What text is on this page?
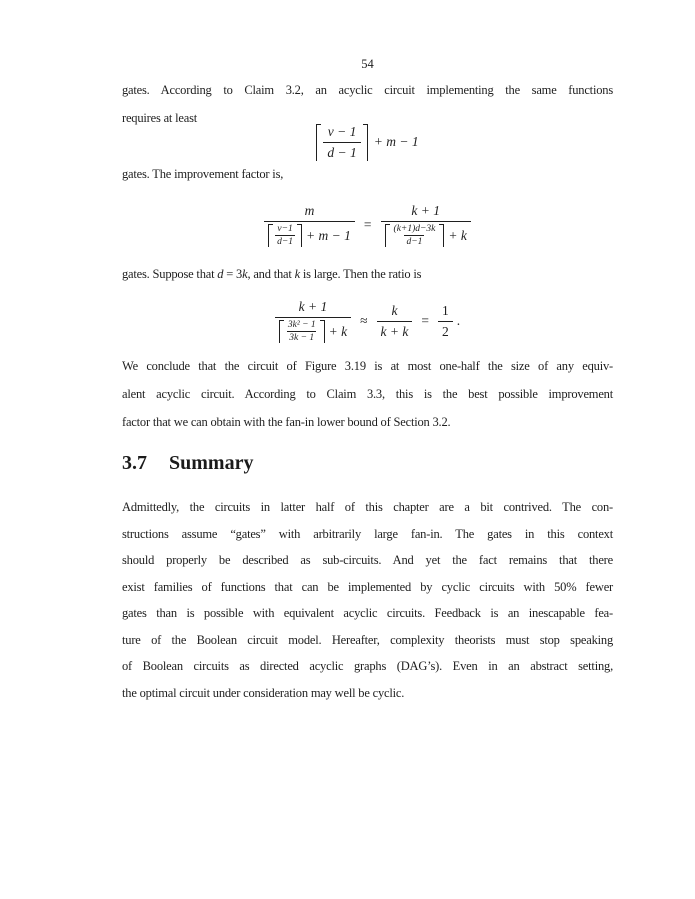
54
gates. According to Claim 3.2, an acyclic circuit implementing the same functions
requires at least
$\frac{v - 1}{d - 1} + m - 1$
gates. The improvement factor is,
$\frac{m}{\frac{v-1}{d-1} + m - 1} = \frac{k + 1}{\frac{(k+1)d-3k}{d-1} + k}$
gates. Suppose that d = 3k, and that k is large. Then the ratio is
$\frac{k + 1}{\frac{\text{3k² − 1}}{3k - 1} + k} \approx \frac{k}{k + k} = \frac{1}{2}$ .
We conclude that the circuit of Figure 3.19 is at most one-half the size of any equiv-
alent acyclic circuit. According to Claim 3.3, this is the best possible improvement
factor that we can obtain with the fan-in lower bound of Section 3.2.
3.7 Summary
Admittedly, the circuits in latter half of this chapter are a bit contrived. The con-
structions assume “gates” with arbitrarily large fan-in. The gates in this context
should properly be described as sub-circuits. And yet the fact remains that there
exist families of functions that can be implemented by cyclic circuits with 50% fewer
gates than is possible with equivalent acyclic circuits. Feedback is an inescapable fea-
ture of the Boolean circuit model. Hereafter, complexity theorists must stop speaking
of Boolean circuits as directed acyclic graphs (DAG’s). Even in an abstract setting,
the optimal circuit under consideration may well be cyclic.
